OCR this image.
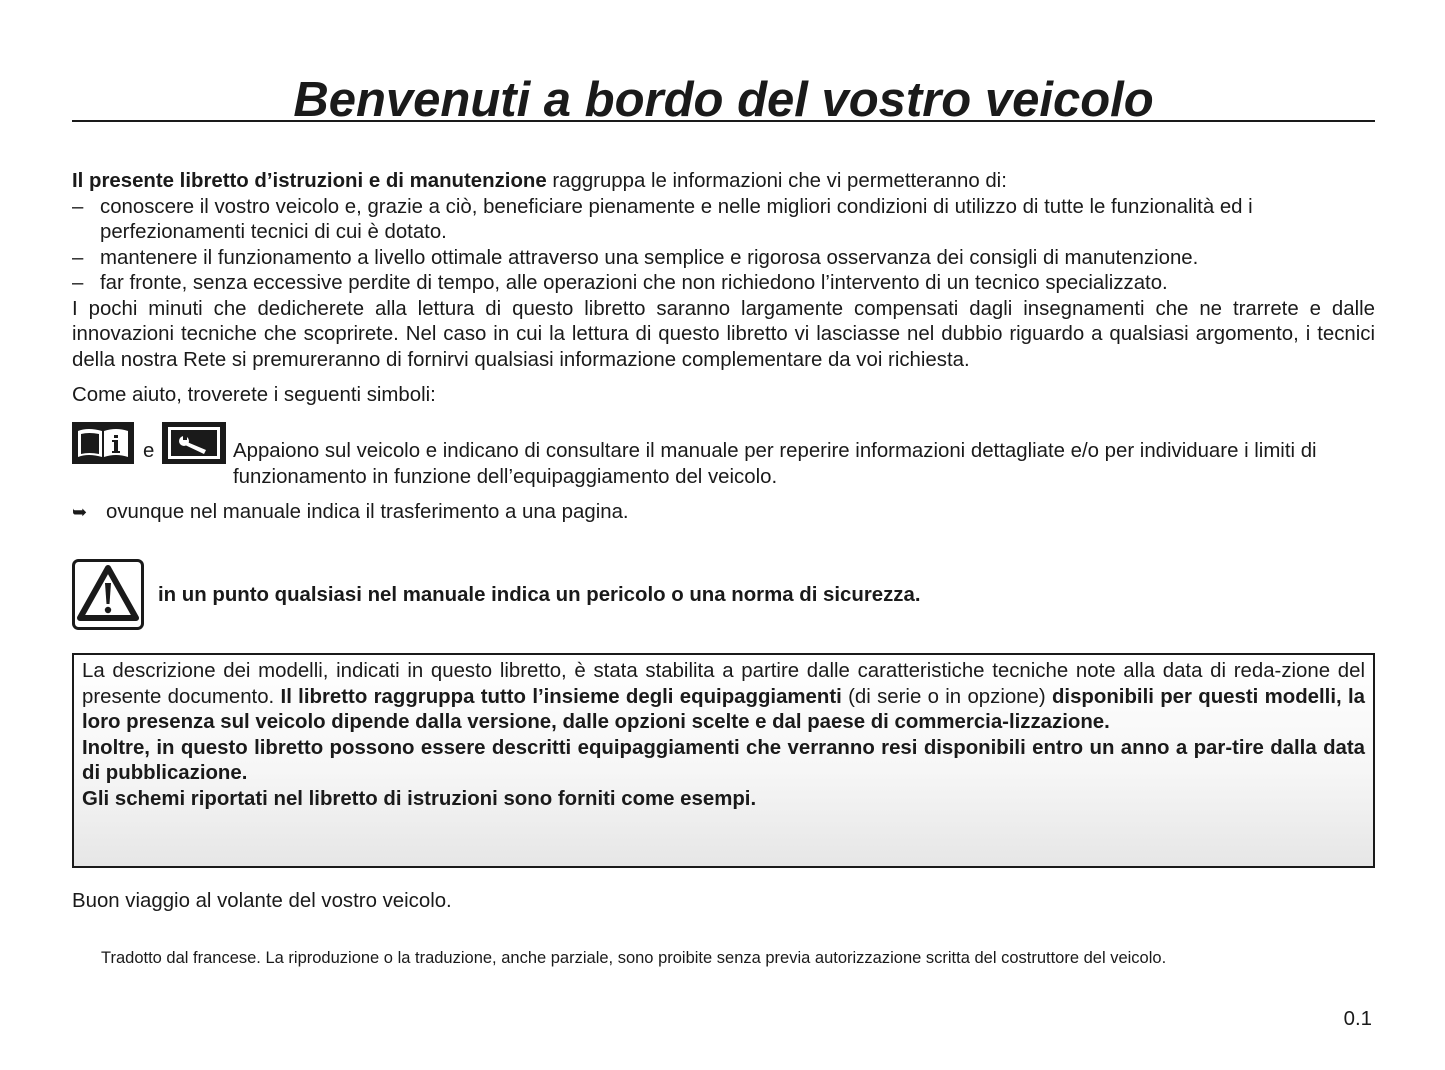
Benvenuti a bordo del vostro veicolo
Il presente libretto d’istruzioni e di manutenzione raggruppa le informazioni che vi permetteranno di:
– conoscere il vostro veicolo e, grazie a ciò, beneficiare pienamente e nelle migliori condizioni di utilizzo di tutte le funzionalità ed i perfezionamenti tecnici di cui è dotato.
– mantenere il funzionamento a livello ottimale attraverso una semplice e rigorosa osservanza dei consigli di manutenzione.
– far fronte, senza eccessive perdite di tempo, alle operazioni che non richiedono l’intervento di un tecnico specializzato.
I pochi minuti che dedicherete alla lettura di questo libretto saranno largamente compensati dagli insegnamenti che ne trarrete e dalle innovazioni tecniche che scoprirete. Nel caso in cui la lettura di questo libretto vi lasciasse nel dubbio riguardo a qualsiasi argomento, i tecnici della nostra Rete si premureranno di fornirvi qualsiasi informazione complementare da voi richiesta.
Come aiuto, troverete i seguenti simboli:
e	Appaiono sul veicolo e indicano di consultare il manuale per reperire informazioni dettagliate e/o per individuare i limiti di funzionamento in funzione dell’equipaggiamento del veicolo.
➥ ovunque nel manuale indica il trasferimento a una pagina.
in un punto qualsiasi nel manuale indica un pericolo o una norma di sicurezza.

La descrizione dei modelli, indicati in questo libretto, è stata stabilita a partire dalle caratteristiche tecniche note alla data di reda-zione del presente documento. Il libretto raggruppa tutto l’insieme degli equipaggiamenti (di serie o in opzione) disponibili per questi modelli, la loro presenza sul veicolo dipende dalla versione, dalle opzioni scelte e dal paese di commercia-lizzazione.

Inoltre, in questo libretto possono essere descritti equipaggiamenti che verranno resi disponibili entro un anno a par-tire dalla data di pubblicazione.

Gli schemi riportati nel libretto di istruzioni sono forniti come esempi.

Buon viaggio al volante del vostro veicolo.
Tradotto dal francese. La riproduzione o la traduzione, anche parziale, sono proibite senza previa autorizzazione scritta del costruttore del veicolo.
0.1
